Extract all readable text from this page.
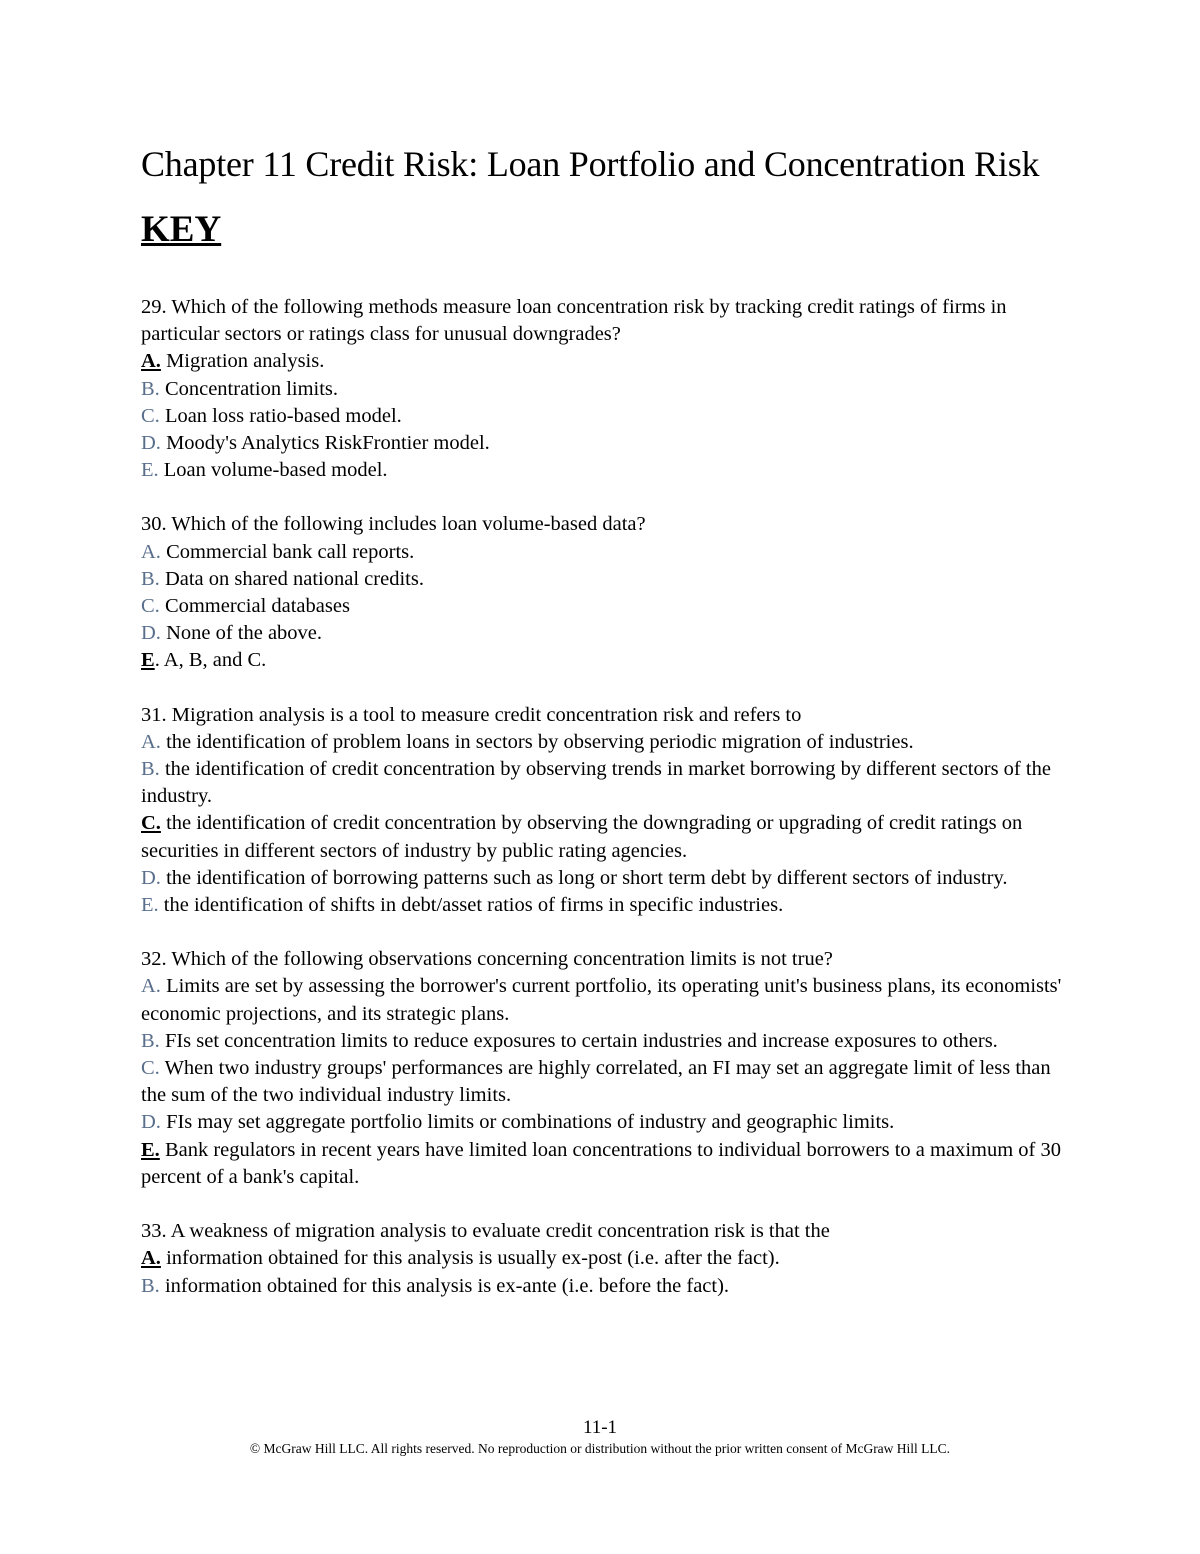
Chapter 11 Credit Risk: Loan Portfolio and Concentration Risk
KEY
29. Which of the following methods measure loan concentration risk by tracking credit ratings of firms in particular sectors or ratings class for unusual downgrades?
A. Migration analysis.
B. Concentration limits.
C. Loan loss ratio-based model.
D. Moody's Analytics RiskFrontier model.
E. Loan volume-based model.
30. Which of the following includes loan volume-based data?
A. Commercial bank call reports.
B. Data on shared national credits.
C. Commercial databases
D. None of the above.
E. A, B, and C.
31. Migration analysis is a tool to measure credit concentration risk and refers to
A. the identification of problem loans in sectors by observing periodic migration of industries.
B. the identification of credit concentration by observing trends in market borrowing by different sectors of the industry.
C. the identification of credit concentration by observing the downgrading or upgrading of credit ratings on securities in different sectors of industry by public rating agencies.
D. the identification of borrowing patterns such as long or short term debt by different sectors of industry.
E. the identification of shifts in debt/asset ratios of firms in specific industries.
32. Which of the following observations concerning concentration limits is not true?
A. Limits are set by assessing the borrower's current portfolio, its operating unit's business plans, its economists' economic projections, and its strategic plans.
B. FIs set concentration limits to reduce exposures to certain industries and increase exposures to others.
C. When two industry groups' performances are highly correlated, an FI may set an aggregate limit of less than the sum of the two individual industry limits.
D. FIs may set aggregate portfolio limits or combinations of industry and geographic limits.
E. Bank regulators in recent years have limited loan concentrations to individual borrowers to a maximum of 30 percent of a bank's capital.
33. A weakness of migration analysis to evaluate credit concentration risk is that the
A. information obtained for this analysis is usually ex-post (i.e. after the fact).
B. information obtained for this analysis is ex-ante (i.e. before the fact).
11-1
© McGraw Hill LLC. All rights reserved. No reproduction or distribution without the prior written consent of McGraw Hill LLC.
